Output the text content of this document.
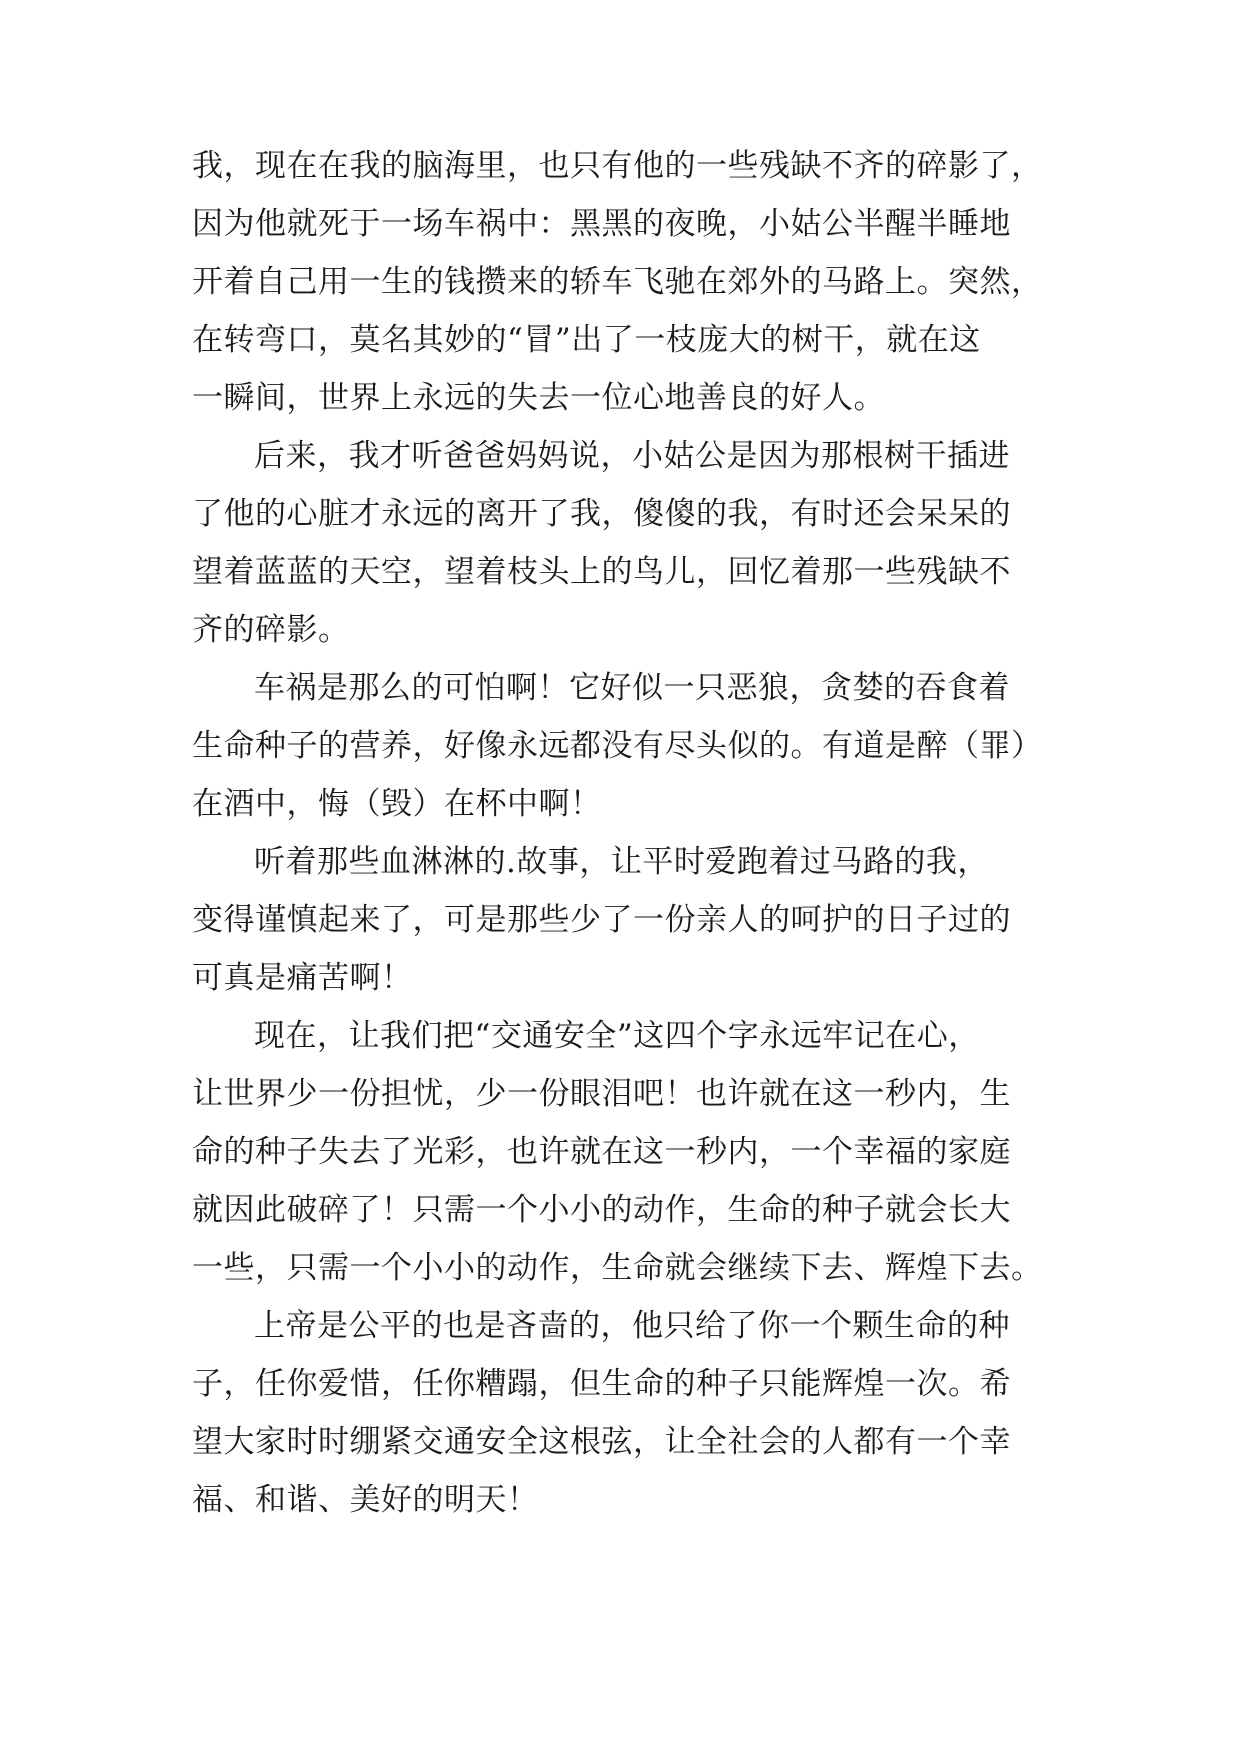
我，现在在我的脑海里，也只有他的一些残缺不齐的碎影了，

因为他就死于一场车祸中：黑黑的夜晚，小姑公半醒半睡地

开着自己用一生的钱攒来的轿车飞驰在郊外的马路上。突然，

在转弯口，莫名其妙的“冒”出了一枝庞大的树干，就在这

一瞬间，世界上永远的失去一位心地善良的好人。

后来，我才听爸爸妈妈说，小姑公是因为那根树干插进

了他的心脏才永远的离开了我，傻傻的我，有时还会呆呆的

望着蓝蓝的天空，望着枝头上的鸟儿，回忆着那一些残缺不

齐的碎影。

车祸是那么的可怕啊！它好似一只恶狼，贪婪的吞食着

生命种子的营养，好像永远都没有尽头似的。有道是醉（罪）

在酒中，悔（毁）在杯中啊！

听着那些血淋淋的.故事，让平时爱跑着过马路的我，

变得谨慎起来了，可是那些少了一份亲人的呵护的日子过的

可真是痛苦啊！

现在，让我们把“交通安全”这四个字永远牢记在心，

让世界少一份担忧，少一份眼泪吧！也许就在这一秒内，生

命的种子失去了光彩，也许就在这一秒内，一个幸福的家庭

就因此破碎了！只需一个小小的动作，生命的种子就会长大

一些，只需一个小小的动作，生命就会继续下去、辉煌下去。

上帝是公平的也是吝啬的，他只给了你一个颗生命的种

子，任你爱惜，任你糟蹋，但生命的种子只能辉煌一次。希

望大家时时绷紧交通安全这根弦，让全社会的人都有一个幸

福、和谐、美好的明天！
